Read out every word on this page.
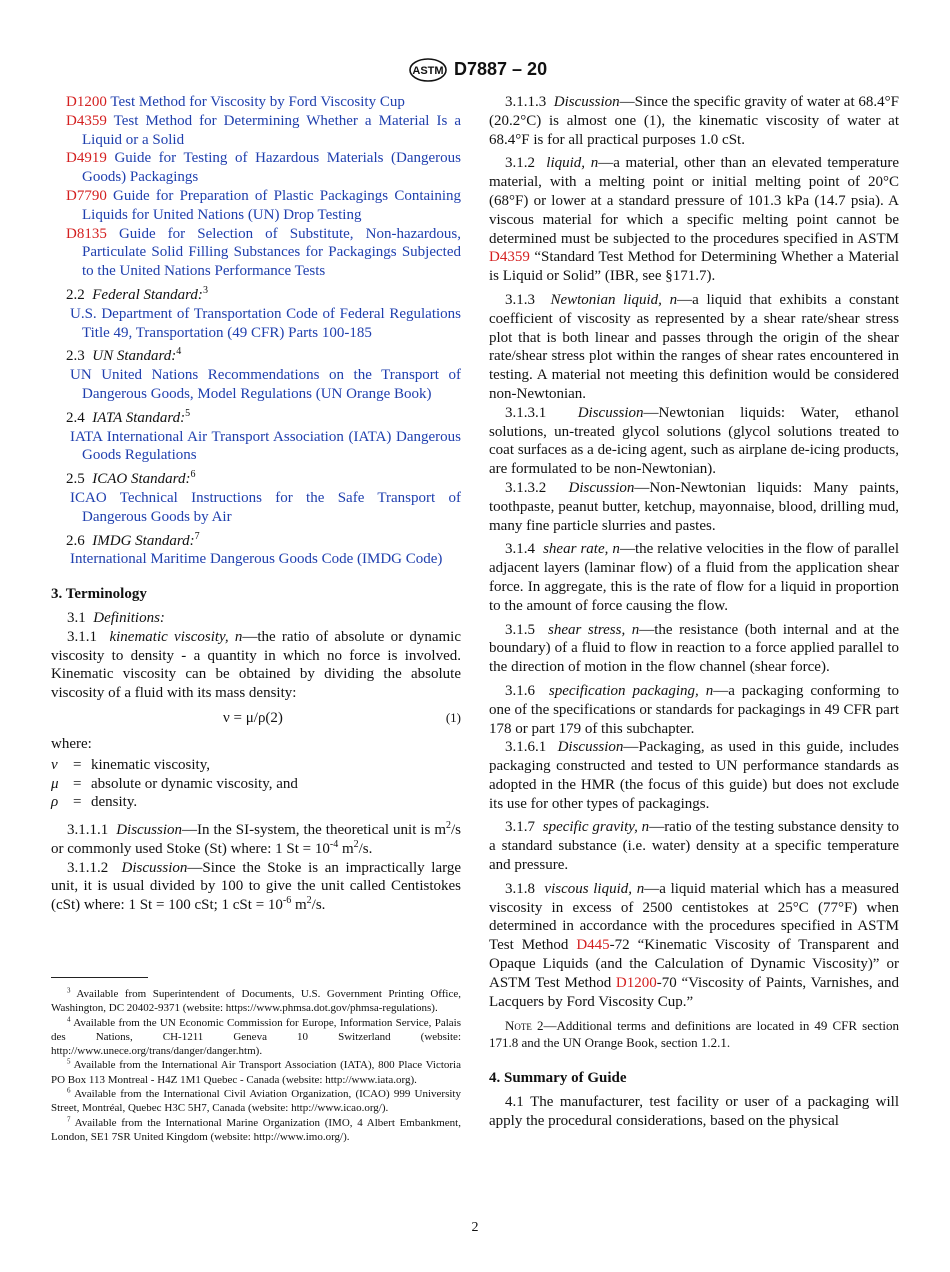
ASTM D7887 – 20

D1200 Test Method for Viscosity by Ford Viscosity Cup

D4359 Test Method for Determining Whether a Material Is a Liquid or a Solid

D4919 Guide for Testing of Hazardous Materials (Dangerous Goods) Packagings

D7790 Guide for Preparation of Plastic Packagings Containing Liquids for United Nations (UN) Drop Testing

D8135 Guide for Selection of Substitute, Non-hazardous, Particulate Solid Filling Substances for Packagings Subjected to the United Nations Performance Tests

2.2 Federal Standard:$^3$

U.S. Department of Transportation Code of Federal Regulations Title 49, Transportation (49 CFR) Parts 100-185

2.3 UN Standard:$^4$

UN United Nations Recommendations on the Transport of Dangerous Goods, Model Regulations (UN Orange Book)

2.4 IATA Standard:$^5$

IATA International Air Transport Association (IATA) Dangerous Goods Regulations

2.5 ICAO Standard:$^6$

ICAO Technical Instructions for the Safe Transport of Dangerous Goods by Air

2.6 IMDG Standard:$^7$

International Maritime Dangerous Goods Code (IMDG Code)

3. Terminology

3.1 Definitions:

3.1.1 kinematic viscosity, n—the ratio of absolute or dynamic viscosity to density - a quantity in which no force is involved. Kinematic viscosity can be obtained by dividing the absolute viscosity of a fluid with its mass density:

ν = μ/ρ(2)	(1)
where:
ν	= kinematic viscosity,
μ = absolute or dynamic viscosity, and
ρ = density.

3.1.1.1 Discussion—In the SI-system, the theoretical unit is $m^2/s$ or commonly used Stoke (St) where: 1 $St = 10^{-4}$ $m^2/s$.

3.1.1.2 Discussion—Since the Stoke is an impractically large unit, it is usual divided by 100 to give the unit called Centistokes (cSt) where: 1 St = 100 cSt; 1 cSt = $10^{-6}$ $m^2/s$.

$^3$ Available from Superintendent of Documents, U.S. Government Printing Office, Washington, DC 20402-9371 (website: https://www.phmsa.dot.gov/phmsa-regulations).

$^4$ Available from the UN Economic Commission for Europe, Information Service, Palais des Nations, CH-1211 Geneva 10 Switzerland (website: http://www.unece.org/trans/danger/danger.htm).

$^5$ Available from the International Air Transport Association (IATA), 800 Place Victoria PO Box 113 Montreal - H4Z 1M1 Quebec - Canada (website: http://www.iata.org).

$^6$ Available from the International Civil Aviation Organization, (ICAO) 999 University Street, Montréal, Quebec H3C 5H7, Canada (website: http://www.icao.org/).

$^7$ Available from the International Marine Organization (IMO, 4 Albert Embankment, London, SE1 7SR United Kingdom (website: http://www.imo.org/).

3.1.1.3 Discussion—Since the specific gravity of water at 68.4°F (20.2°C) is almost one (1), the kinematic viscosity of water at 68.4°F is for all practical purposes 1.0 cSt.

3.1.2 liquid, n—a material, other than an elevated temperature material, with a melting point or initial melting point of 20°C (68°F) or lower at a standard pressure of 101.3 kPa (14.7 psia). A viscous material for which a specific melting point cannot be determined must be subjected to the procedures specified in ASTM D4359 “Standard Test Method for Determining Whether a Material is Liquid or Solid” (IBR, see §171.7).

3.1.3 Newtonian liquid, n—a liquid that exhibits a constant coefficient of viscosity as represented by a shear rate/shear stress plot that is both linear and passes through the origin of the shear rate/shear stress plot within the ranges of shear rates encountered in testing. A material not meeting this definition would be considered non-Newtonian.

3.1.3.1 Discussion—Newtonian liquids: Water, ethanol solutions, un-treated glycol solutions (glycol solutions treated to coat surfaces as a de-icing agent, such as airplane de-icing products, are formulated to be non-Newtonian).

3.1.3.2 Discussion—Non-Newtonian liquids: Many paints, toothpaste, peanut butter, ketchup, mayonnaise, blood, drilling mud, many fine particle slurries and pastes.

3.1.4 shear rate, n—the relative velocities in the flow of parallel adjacent layers (laminar flow) of a fluid from the application shear force. In aggregate, this is the rate of flow for a liquid in proportion to the amount of force causing the flow.

3.1.5 shear stress, n—the resistance (both internal and at the boundary) of a fluid to flow in reaction to a force applied parallel to the direction of motion in the flow channel (shear force).

3.1.6 specification packaging, n—a packaging conforming to one of the specifications or standards for packagings in 49 CFR part 178 or part 179 of this subchapter.

3.1.6.1 Discussion—Packaging, as used in this guide, includes packaging constructed and tested to UN performance standards as adopted in the HMR (the focus of this guide) but does not exclude its use for other types of packagings.

3.1.7 specific gravity, n—ratio of the testing substance density to a standard substance (i.e. water) density at a specific temperature and pressure.

3.1.8 viscous liquid, n—a liquid material which has a measured viscosity in excess of 2500 centistokes at 25°C (77°F) when determined in accordance with the procedures specified in ASTM Test Method D445-72 “Kinematic Viscosity of Transparent and Opaque Liquids (and the Calculation of Dynamic Viscosity)” or ASTM Test Method D1200-70 “Viscosity of Paints, Varnishes, and Lacquers by Ford Viscosity Cup.”

Note 2—Additional terms and definitions are located in 49 CFR section 171.8 and the UN Orange Book, section 1.2.1.

4. Summary of Guide

4.1 The manufacturer, test facility or user of a packaging will apply the procedural considerations, based on the physical

2
